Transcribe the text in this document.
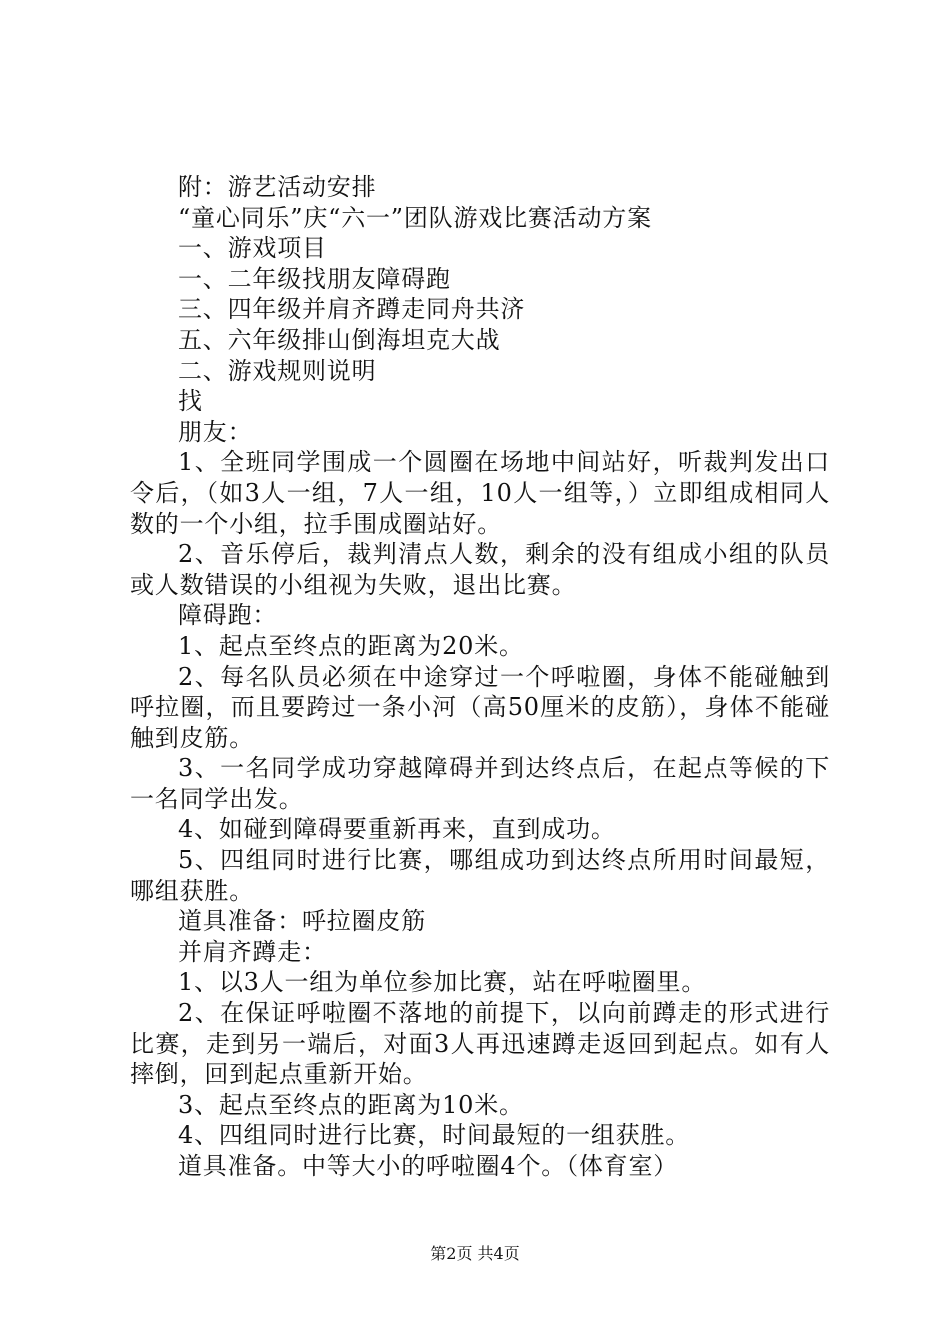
附：游艺活动安排

“童心同乐”庆“六一”团队游戏比赛活动方案

一、游戏项目

一、二年级找朋友障碍跑

三、四年级并肩齐蹲走同舟共济

五、六年级排山倒海坦克大战

二、游戏规则说明

找

朋友：

1、全班同学围成一个圆圈在场地中间站好，听裁判发出口令后，（如3人一组，7人一组，10人一组等，）立即组成相同人数的一个小组，拉手围成圈站好。

2、音乐停后，裁判清点人数，剩余的没有组成小组的队员或人数错误的小组视为失败，退出比赛。

障碍跑：

1、起点至终点的距离为20米。

2、每名队员必须在中途穿过一个呼啦圈，身体不能碰触到呼拉圈，而且要跨过一条小河（高50厘米的皮筋），身体不能碰触到皮筋。

3、一名同学成功穿越障碍并到达终点后，在起点等候的下一名同学出发。

4、如碰到障碍要重新再来，直到成功。

5、四组同时进行比赛，哪组成功到达终点所用时间最短，哪组获胜。

道具准备：呼拉圈皮筋

并肩齐蹲走：

1、以3人一组为单位参加比赛，站在呼啦圈里。

2、在保证呼啦圈不落地的前提下，以向前蹲走的形式进行比赛，走到另一端后，对面3人再迅速蹲走返回到起点。如有人摔倒，回到起点重新开始。

3、起点至终点的距离为10米。

4、四组同时进行比赛，时间最短的一组获胜。

道具准备。中等大小的呼啦圈4个。（体育室）

第2页 共4页
